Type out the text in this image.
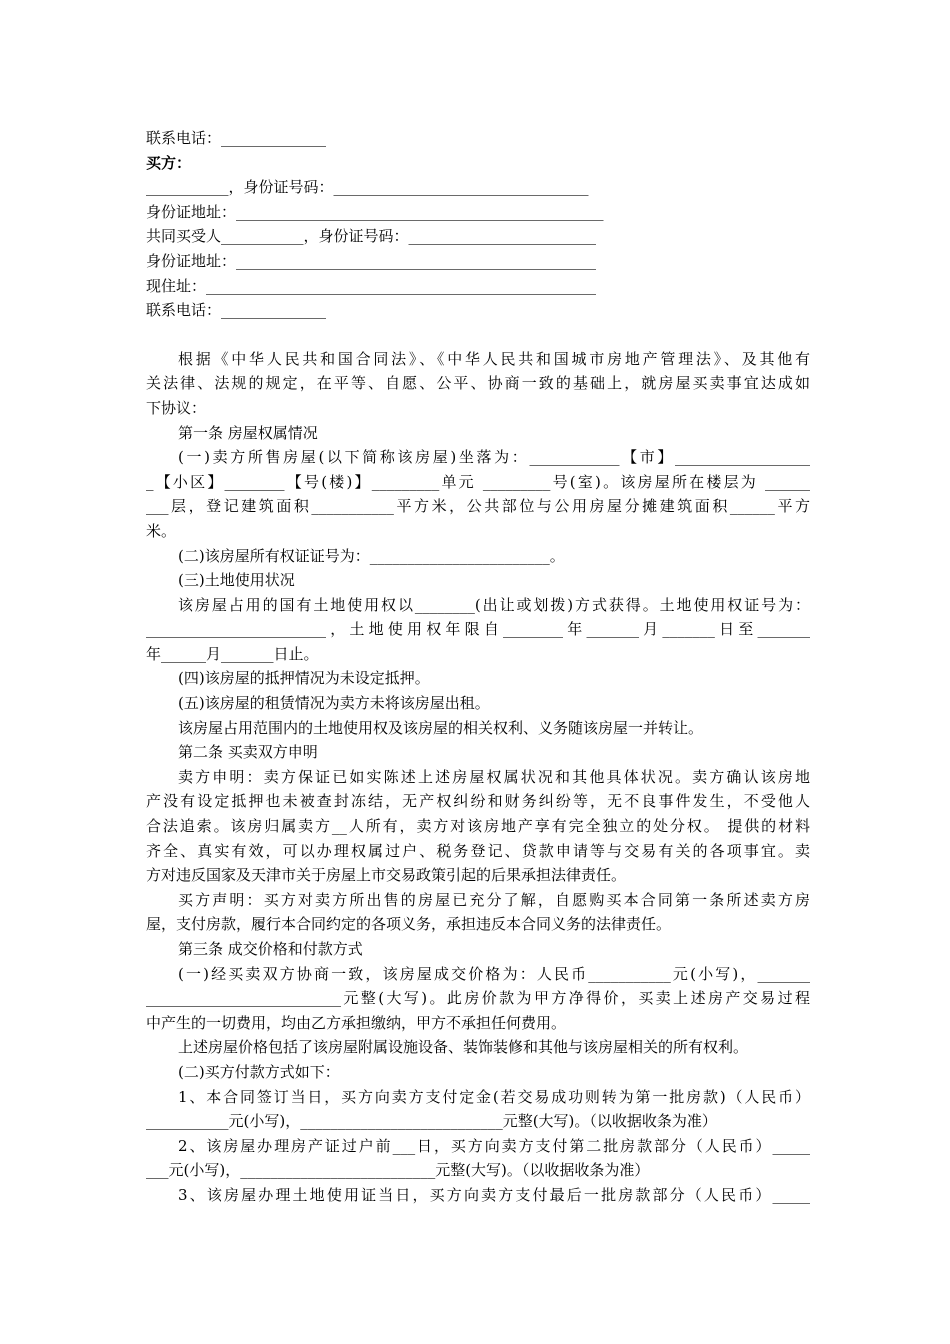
联系电话：______________

买方：

___________，身份证号码：__________________________________

身份证地址：_________________________________________________

共同买受人___________，身份证号码：_________________________

身份证地址：________________________________________________

现住址：____________________________________________________

联系电话：______________

根据《中华人民共和国合同法》、《中华人民共和国城市房地产管理法》、及其他有

关法律、法规的规定，在平等、自愿、公平、协商一致的基础上，就房屋买卖事宜达成如

下协议：

第一条 房屋权属情况

(一)卖方所售房屋(以下简称该房屋)坐落为：____________【市】__________________

_【小区】________【号(楼)】_________单元 _________号(室)。该房屋所在楼层为 ______

___层，登记建筑面积___________平方米，公共部位与公用房屋分摊建筑面积______平方

米。

(二)该房屋所有权证证号为：________________________。

(三)土地使用状况

该房屋占用的国有土地使用权以________(出让或划拨)方式获得。土地使用权证号为：

________________________，土地使用权年限自________年_______月_______日至_______

年______月_______日止。

(四)该房屋的抵押情况为未设定抵押。

(五)该房屋的租赁情况为卖方未将该房屋出租。

该房屋占用范围内的土地使用权及该房屋的相关权利、义务随该房屋一并转让。

第二条 买卖双方申明

卖方申明：卖方保证已如实陈述上述房屋权属状况和其他具体状况。卖方确认该房地

产没有设定抵押也未被查封冻结，无产权纠纷和财务纠纷等，无不良事件发生，不受他人

合法追索。该房归属卖方__人所有，卖方对该房地产享有完全独立的处分权。 提供的材料

齐全、真实有效，可以办理权属过户、税务登记、贷款申请等与交易有关的各项事宜。卖

方对违反国家及天津市关于房屋上市交易政策引起的后果承担法律责任。

买方声明：买方对卖方所出售的房屋已充分了解，自愿购买本合同第一条所述卖方房

屋，支付房款，履行本合同约定的各项义务，承担违反本合同义务的法律责任。

第三条 成交价格和付款方式

(一)经买卖双方协商一致，该房屋成交价格为：人民币___________元(小写)，_______

__________________________元整(大写)。此房价款为甲方净得价，买卖上述房产交易过程

中产生的一切费用，均由乙方承担缴纳，甲方不承担任何费用。

上述房屋价格包括了该房屋附属设施设备、装饰装修和其他与该房屋相关的所有权利。

(二)买方付款方式如下：

1、本合同签订当日，买方向卖方支付定金(若交易成功则转为第一批房款)（人民币）

___________元(小写)，___________________________元整(大写)。（以收据收条为准）

2、该房屋办理房产证过户前___日，买方向卖方支付第二批房款部分（人民币）_____

___元(小写)，__________________________元整(大写)。（以收据收条为准）

3、该房屋办理土地使用证当日，买方向卖方支付最后一批房款部分（人民币）_____
